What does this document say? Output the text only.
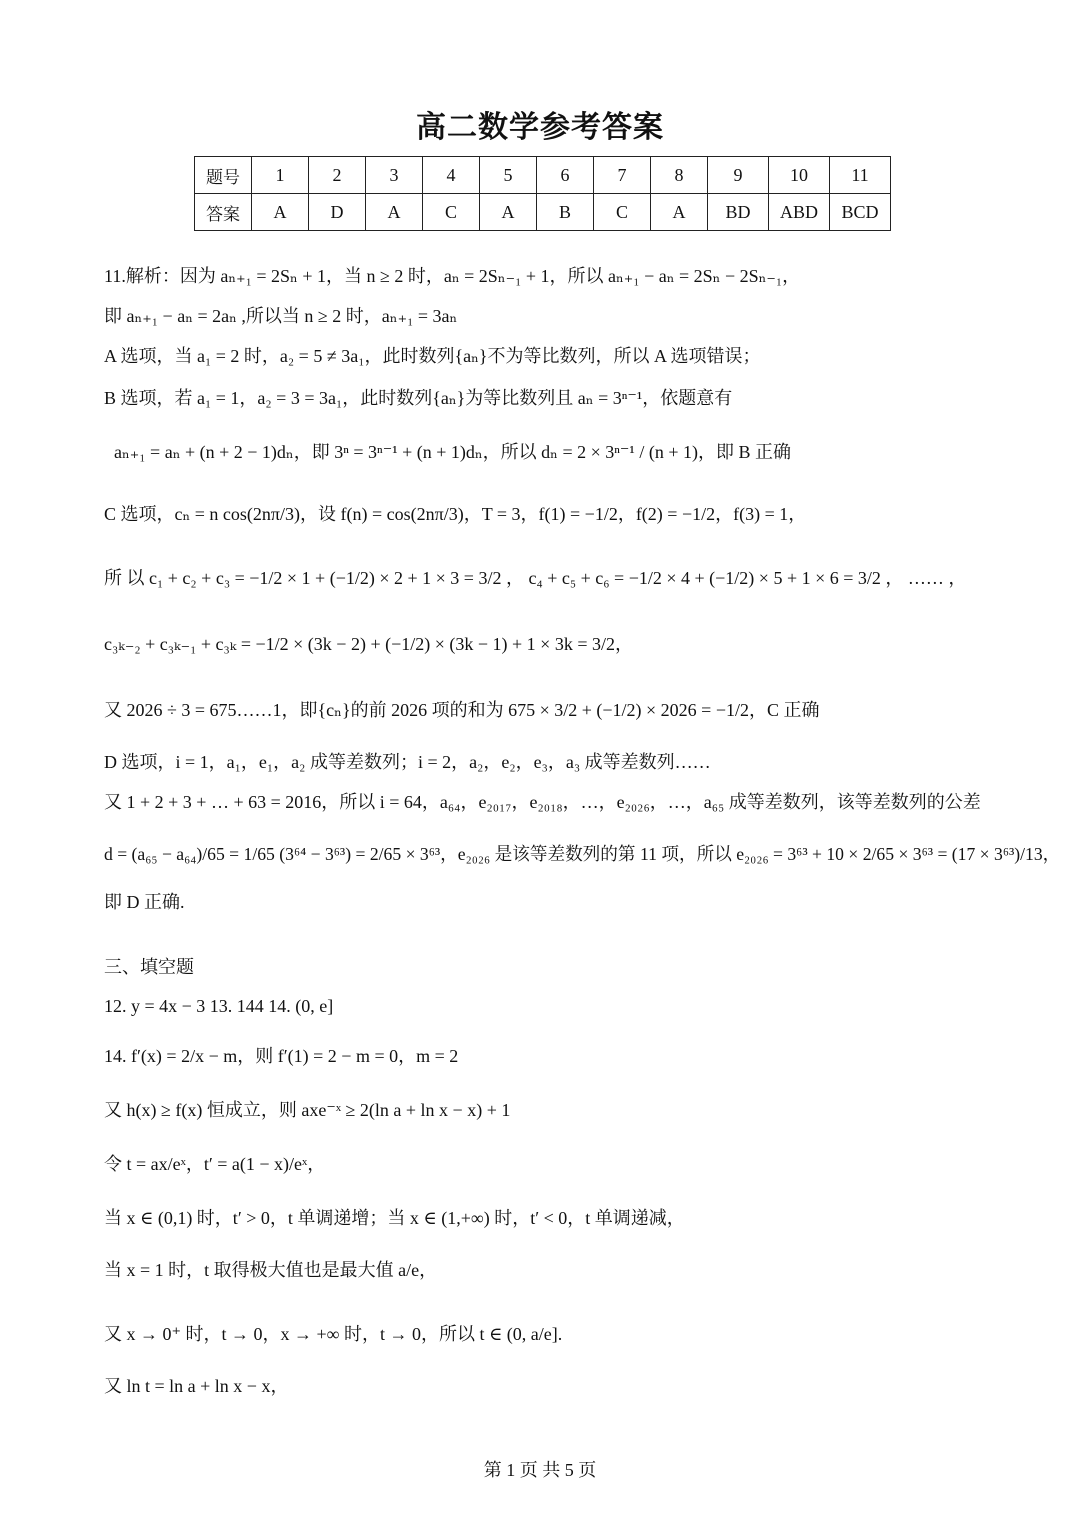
高二数学参考答案
题号	1	2	3	4	5	6	7	8	9	10	11
答案	A	D	A	C	A	B	C	A	BD	ABD	BCD
11.解析：因为 aₙ₊₁ = 2Sₙ + 1，当 n ≥ 2 时，aₙ = 2Sₙ₋₁ + 1，所以 aₙ₊₁ − aₙ = 2Sₙ − 2Sₙ₋₁，
即 aₙ₊₁ − aₙ = 2aₙ ,所以当 n ≥ 2 时，aₙ₊₁ = 3aₙ
A 选项，当 a₁ = 2 时，a₂ = 5 ≠ 3a₁，此时数列{aₙ}不为等比数列，所以 A 选项错误；
B 选项，若 a₁ = 1，a₂ = 3 = 3a₁，此时数列{aₙ}为等比数列且 aₙ = 3ⁿ⁻¹，依题意有
aₙ₊₁ = aₙ + (n + 2 − 1)dₙ，即 3ⁿ = 3ⁿ⁻¹ + (n + 1)dₙ，所以 dₙ = 2 × 3ⁿ⁻¹ / (n + 1)，即 B 正确
C 选项，cₙ = n cos(2nπ/3)，设 f(n) = cos(2nπ/3)，T = 3，f(1) = −1/2，f(2) = −1/2，f(3) = 1，
所 以 c₁ + c₂ + c₃ = −1/2 × 1 + (−1/2) × 2 + 1 × 3 = 3/2 ， c₄ + c₅ + c₆ = −1/2 × 4 + (−1/2) × 5 + 1 × 6 = 3/2 ， …… ，
c₃ₖ₋₂ + c₃ₖ₋₁ + c₃ₖ = −1/2 × (3k − 2) + (−1/2) × (3k − 1) + 1 × 3k = 3/2，
又 2026 ÷ 3 = 675……1，即{cₙ}的前 2026 项的和为 675 × 3/2 + (−1/2) × 2026 = −1/2，C 正确
D 选项，i = 1，a₁，e₁，a₂ 成等差数列；i = 2，a₂，e₂，e₃，a₃ 成等差数列……
又 1 + 2 + 3 + … + 63 = 2016，所以 i = 64，a₆₄，e₂₀₁₇，e₂₀₁₈，…，e₂₀₂₆，…，a₆₅ 成等差数列，该等差数列的公差
d = (a₆₅ − a₆₄)/65 = 1/65 (3⁶⁴ − 3⁶³) = 2/65 × 3⁶³，e₂₀₂₆ 是该等差数列的第 11 项，所以 e₂₀₂₆ = 3⁶³ + 10 × 2/65 × 3⁶³ = (17 × 3⁶³)/13，
即 D 正确.
三、填空题
12. y = 4x − 3 13. 144 14. (0, e]
14. f′(x) = 2/x − m，则 f′(1) = 2 − m = 0，m = 2
又 h(x) ≥ f(x) 恒成立，则 axe⁻ˣ ≥ 2(ln a + ln x − x) + 1
令 t = ax/eˣ，t′ = a(1 − x)/eˣ，
当 x ∈ (0,1) 时，t′ > 0，t 单调递增；当 x ∈ (1,+∞) 时，t′ < 0，t 单调递减，
当 x = 1 时，t 取得极大值也是最大值 a/e，
又 x → 0⁺ 时，t → 0，x → +∞ 时，t → 0，所以 t ∈ (0, a/e].
又 ln t = ln a + ln x − x，
第 1 页 共 5 页
